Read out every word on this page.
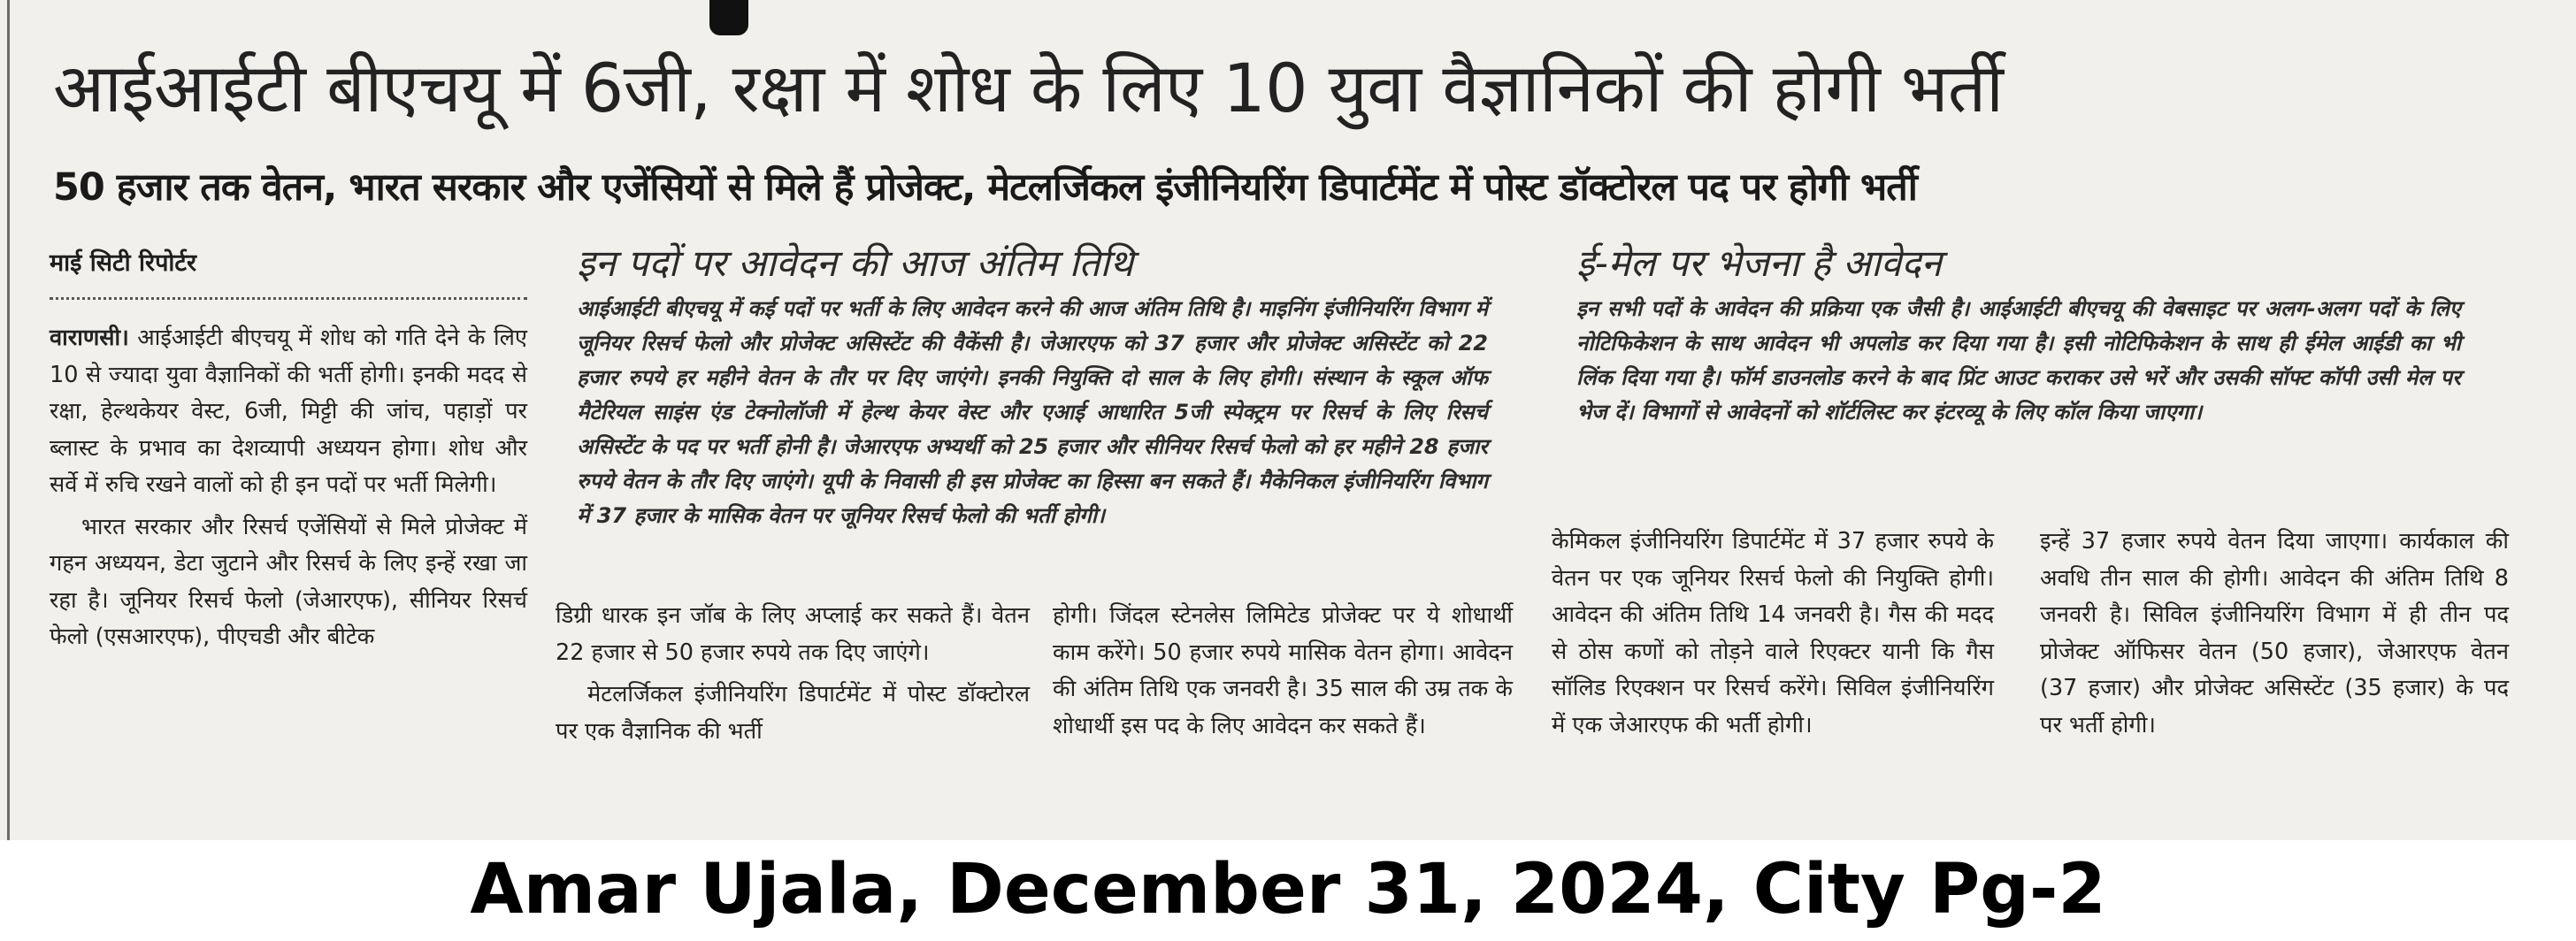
आईआईटी बीएचयू में 6जी, रक्षा में शोध के लिए 10 युवा वैज्ञानिकों की होगी भर्ती
50 हजार तक वेतन, भारत सरकार और एजेंसियों से मिले हैं प्रोजेक्ट, मेटलर्जिकल इंजीनियरिंग डिपार्टमेंट में पोस्ट डॉक्टोरल पद पर होगी भर्ती
माई सिटी रिपोर्टर

वाराणसी। आईआईटी बीएचयू में शोध को गति देने के लिए 10 से ज्यादा युवा वैज्ञानिकों की भर्ती होगी। इनकी मदद से रक्षा, हेल्थकेयर वेस्ट, 6जी, मिट्टी की जांच, पहाड़ों पर ब्लास्ट के प्रभाव का देशव्यापी अध्ययन होगा। शोध और सर्वे में रुचि रखने वालों को ही इन पदों पर भर्ती मिलेगी।

भारत सरकार और रिसर्च एजेंसियों से मिले प्रोजेक्ट में गहन अध्ययन, डेटा जुटाने और रिसर्च के लिए इन्हें रखा जा रहा है। जूनियर रिसर्च फेलो (जेआरएफ), सीनियर रिसर्च फेलो (एसआरएफ), पीएचडी और बीटेक

इन पदों पर आवेदन की आज अंतिम तिथि
आईआईटी बीएचयू में कई पदों पर भर्ती के लिए आवेदन करने की आज अंतिम तिथि है। माइनिंग इंजीनियरिंग विभाग में जूनियर रिसर्च फेलो और प्रोजेक्ट असिस्टेंट की वैकेंसी है। जेआरएफ को 37 हजार और प्रोजेक्ट असिस्टेंट को 22 हजार रुपये हर महीने वेतन के तौर पर दिए जाएंगे। इनकी नियुक्ति दो साल के लिए होगी। संस्थान के स्कूल ऑफ मैटेरियल साइंस एंड टेक्नोलॉजी में हेल्थ केयर वेस्ट और एआई आधारित 5जी स्पेक्ट्रम पर रिसर्च के लिए रिसर्च असिस्टेंट के पद पर भर्ती होनी है। जेआरएफ अभ्यर्थी को 25 हजार और सीनियर रिसर्च फेलो को हर महीने 28 हजार रुपये वेतन के तौर दिए जाएंगे। यूपी के निवासी ही इस प्रोजेक्ट का हिस्सा बन सकते हैं। मैकेनिकल इंजीनियरिंग विभाग में 37 हजार के मासिक वेतन पर जूनियर रिसर्च फेलो की भर्ती होगी।

डिग्री धारक इन जॉब के लिए अप्लाई कर सकते हैं। वेतन 22 हजार से 50 हजार रुपये तक दिए जाएंगे।

मेटलर्जिकल इंजीनियरिंग डिपार्टमेंट में पोस्ट डॉक्टोरल पर एक वैज्ञानिक की भर्ती

होगी। जिंदल स्टेनलेस लिमिटेड प्रोजेक्ट पर ये शोधार्थी काम करेंगे। 50 हजार रुपये मासिक वेतन होगा। आवेदन की अंतिम तिथि एक जनवरी है। 35 साल की उम्र तक के शोधार्थी इस पद के लिए आवेदन कर सकते हैं।

ई-मेल पर भेजना है आवेदन
इन सभी पदों के आवेदन की प्रक्रिया एक जैसी है। आईआईटी बीएचयू की वेबसाइट पर अलग-अलग पदों के लिए नोटिफिकेशन के साथ आवेदन भी अपलोड कर दिया गया है। इसी नोटिफिकेशन के साथ ही ईमेल आईडी का भी लिंक दिया गया है। फॉर्म डाउनलोड करने के बाद प्रिंट आउट कराकर उसे भरें और उसकी सॉफ्ट कॉपी उसी मेल पर भेज दें। विभागों से आवेदनों को शॉर्टलिस्ट कर इंटरव्यू के लिए कॉल किया जाएगा।

केमिकल इंजीनियरिंग डिपार्टमेंट में 37 हजार रुपये के वेतन पर एक जूनियर रिसर्च फेलो की नियुक्ति होगी। आवेदन की अंतिम तिथि 14 जनवरी है। गैस की मदद से ठोस कणों को तोड़ने वाले रिएक्टर यानी कि गैस सॉलिड रिएक्शन पर रिसर्च करेंगे। सिविल इंजीनियरिंग में एक जेआरएफ की भर्ती होगी।

इन्हें 37 हजार रुपये वेतन दिया जाएगा। कार्यकाल की अवधि तीन साल की होगी। आवेदन की अंतिम तिथि 8 जनवरी है। सिविल इंजीनियरिंग विभाग में ही तीन पद प्रोजेक्ट ऑफिसर वेतन (50 हजार), जेआरएफ वेतन (37 हजार) और प्रोजेक्ट असिस्टेंट (35 हजार) के पद पर भर्ती होगी।

Amar Ujala, December 31, 2024, City Pg-2
